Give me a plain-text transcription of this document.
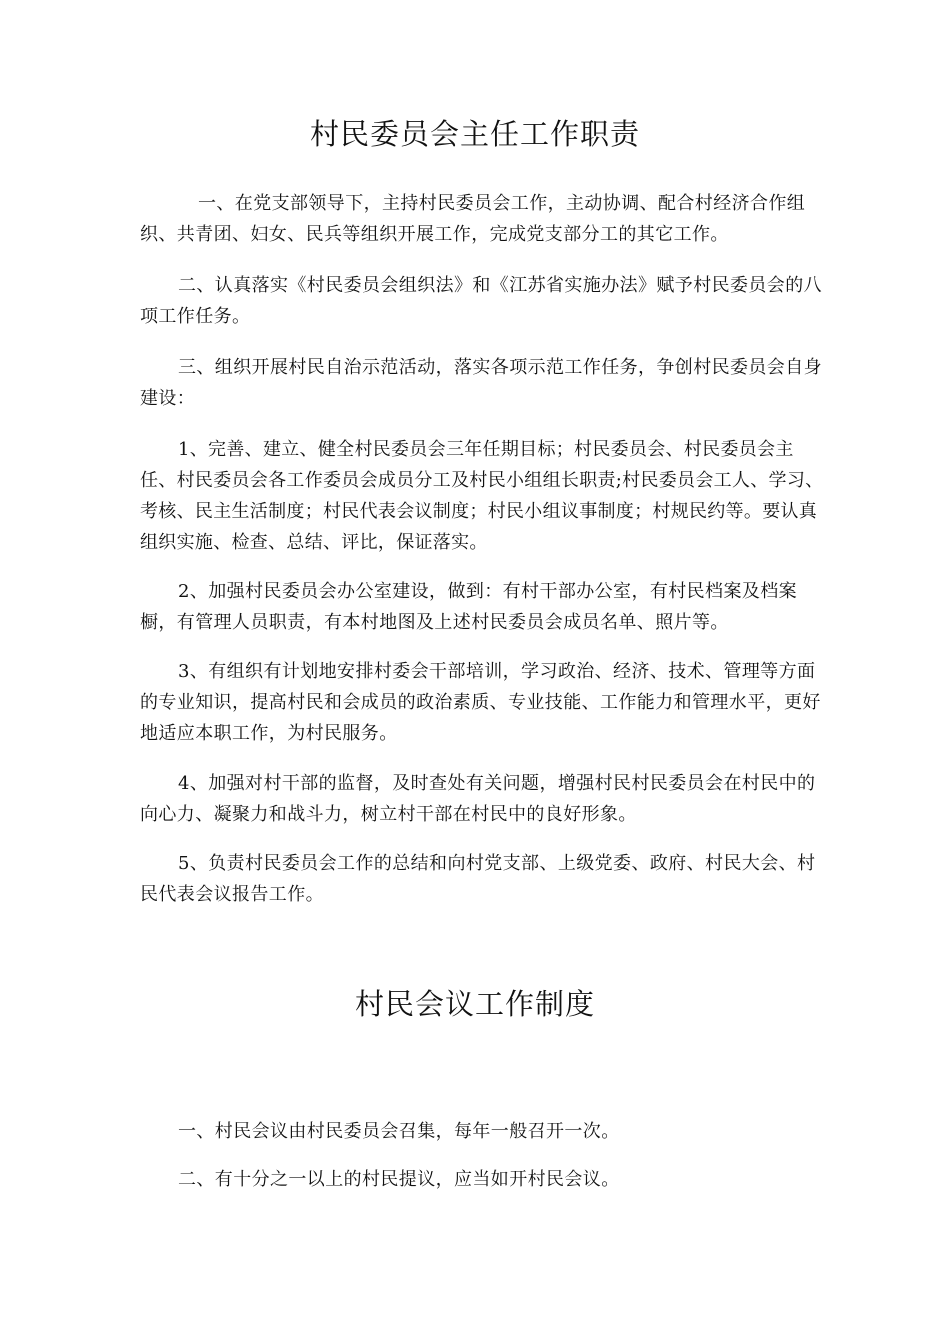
村民委员会主任工作职责

一、在党支部领导下，主持村民委员会工作，主动协调、配合村经济合作组织、共青团、妇女、民兵等组织开展工作，完成党支部分工的其它工作。

二、认真落实《村民委员会组织法》和《江苏省实施办法》赋予村民委员会的八项工作任务。

三、组织开展村民自治示范活动，落实各项示范工作任务，争创村民委员会自身建设：

1、完善、建立、健全村民委员会三年任期目标；村民委员会、村民委员会主任、村民委员会各工作委员会成员分工及村民小组组长职责;村民委员会工人、学习、考核、民主生活制度；村民代表会议制度；村民小组议事制度；村规民约等。要认真组织实施、检查、总结、评比，保证落实。

2、加强村民委员会办公室建设，做到：有村干部办公室，有村民档案及档案橱，有管理人员职责，有本村地图及上述村民委员会成员名单、照片等。

3、有组织有计划地安排村委会干部培训，学习政治、经济、技术、管理等方面的专业知识，提高村民和会成员的政治素质、专业技能、工作能力和管理水平，更好地适应本职工作，为村民服务。

4、加强对村干部的监督，及时查处有关问题，增强村民村民委员会在村民中的向心力、凝聚力和战斗力，树立村干部在村民中的良好形象。

5、负责村民委员会工作的总结和向村党支部、上级党委、政府、村民大会、村民代表会议报告工作。

村民会议工作制度

一、村民会议由村民委员会召集，每年一般召开一次。

二、有十分之一以上的村民提议，应当如开村民会议。
